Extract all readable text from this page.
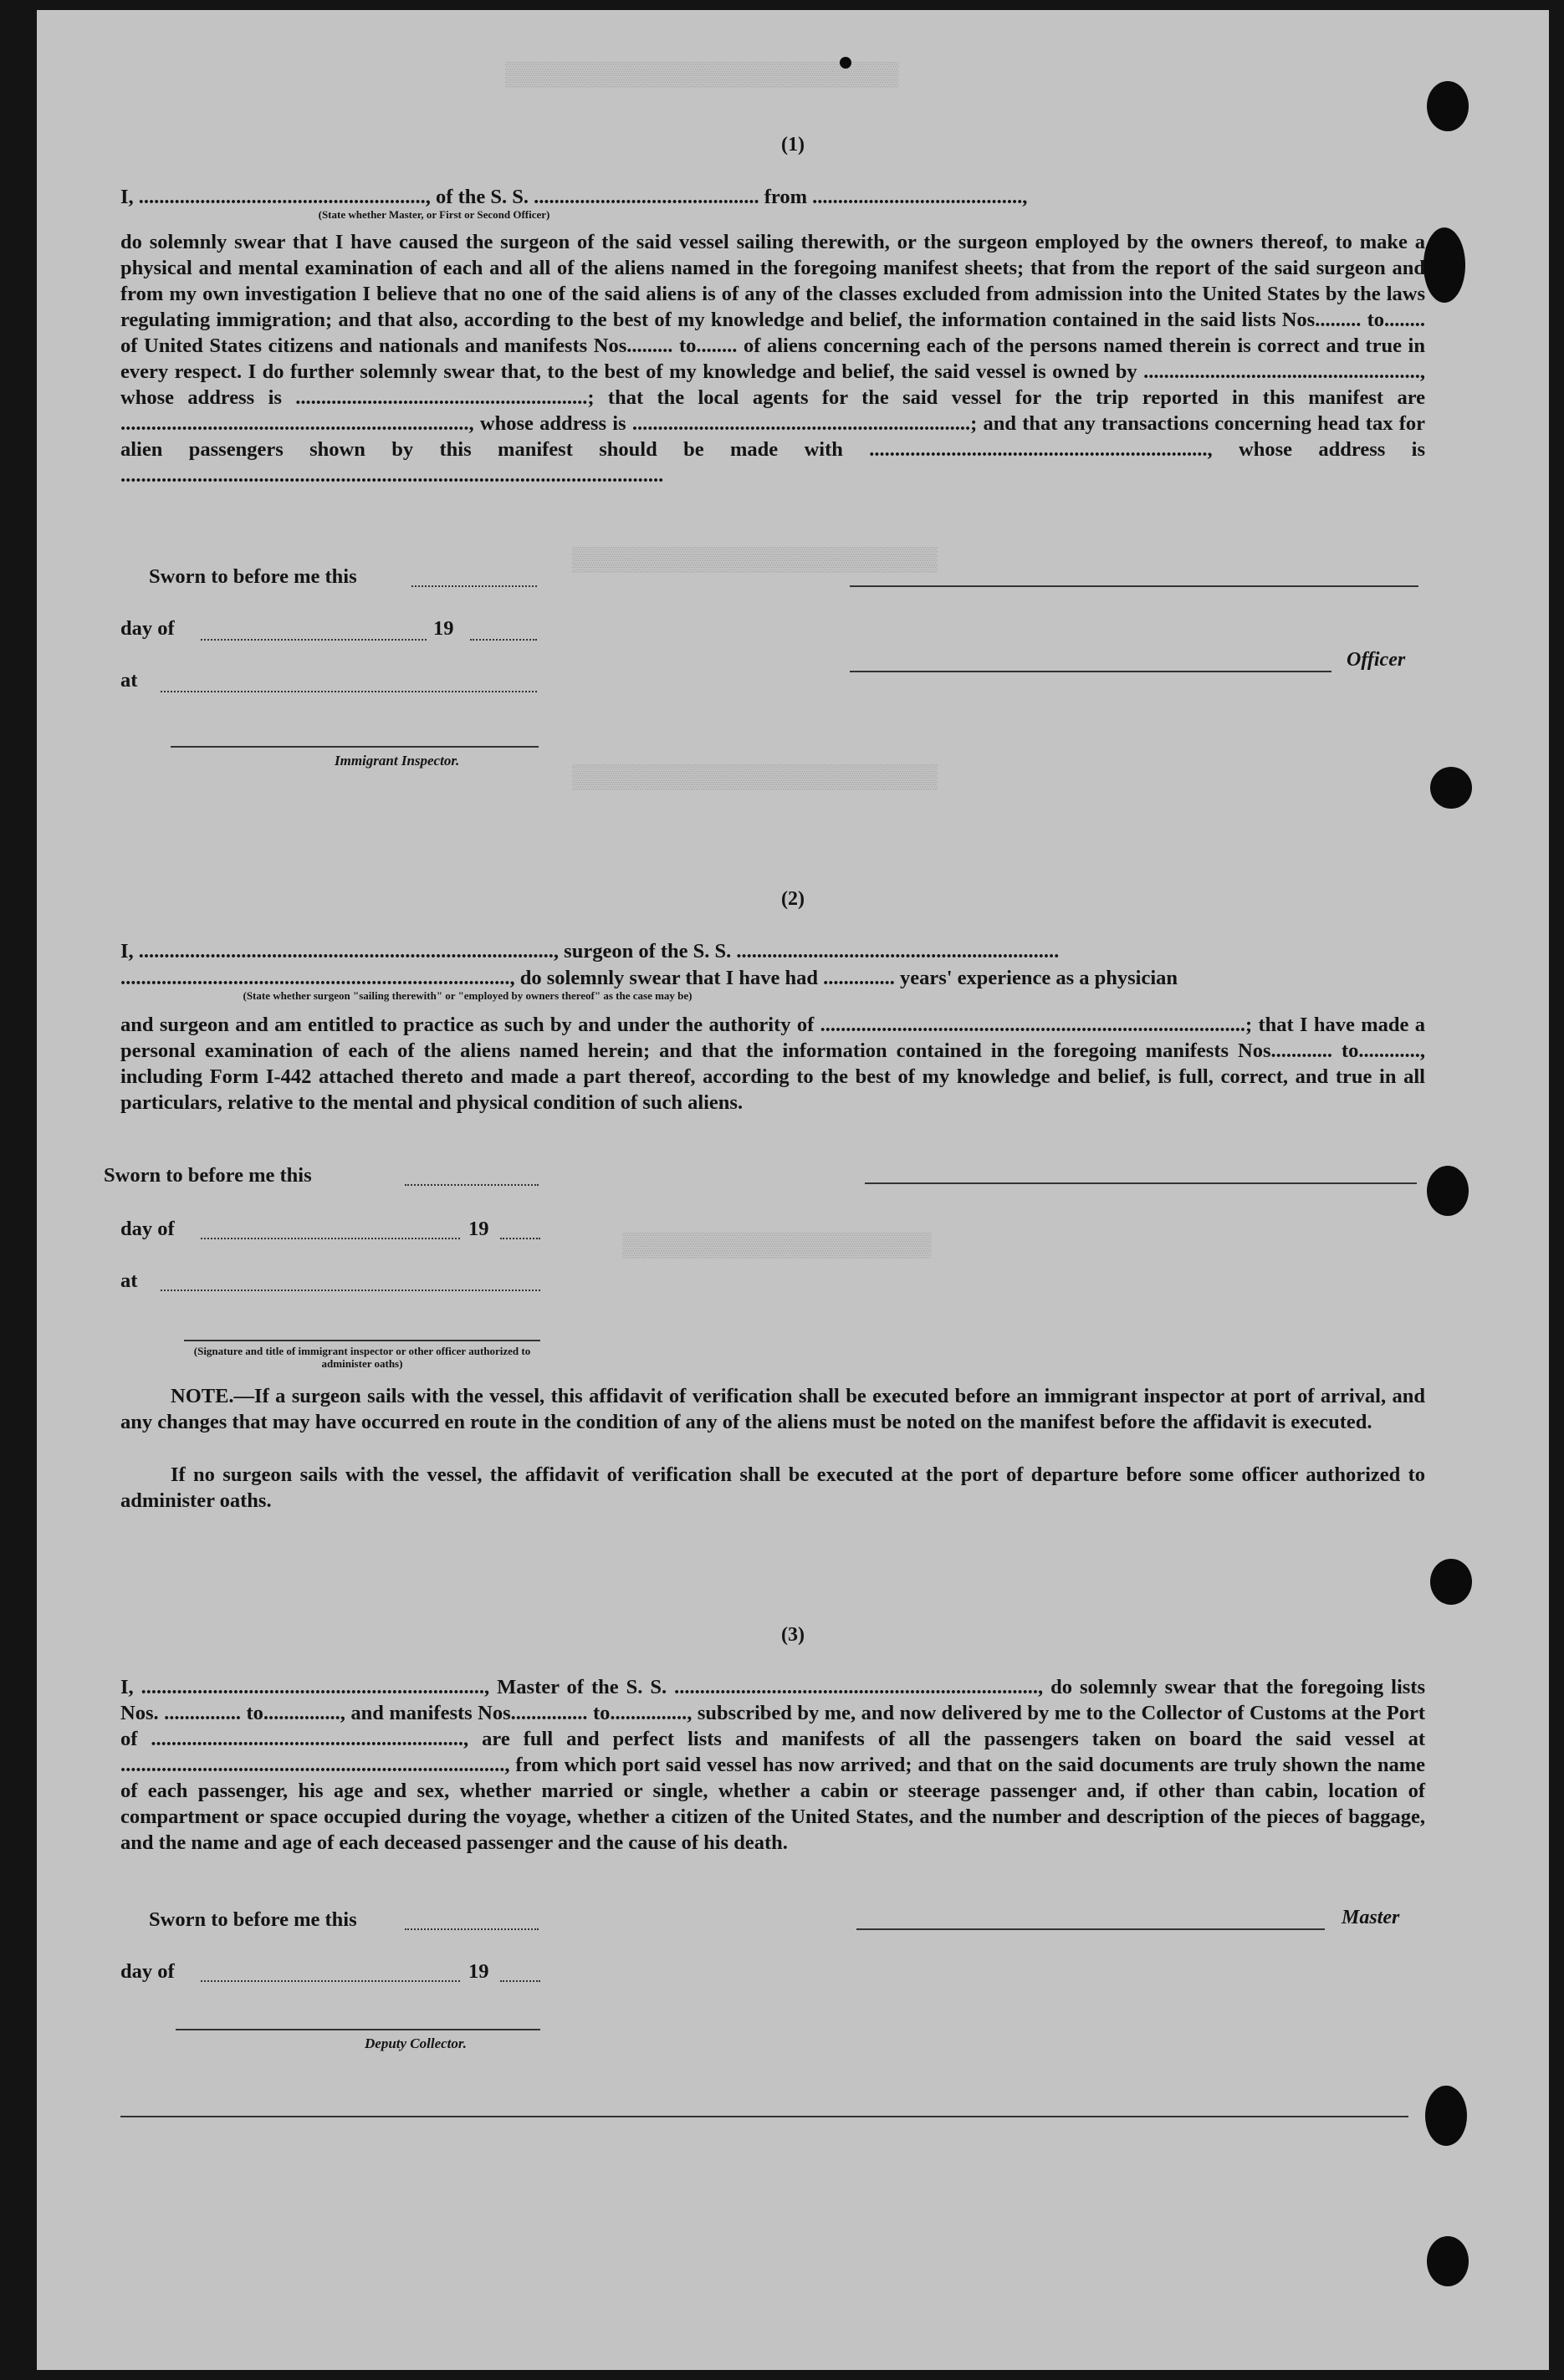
▒▒▒▒▒▒▒▒▒▒▒▒▒▒▒▒▒▒▒▒▒▒▒▒▒▒▒▒
▒▒▒▒▒▒▒▒▒▒▒▒▒▒▒▒▒▒▒▒▒▒▒▒▒▒
▒▒▒▒▒▒▒▒▒▒▒▒▒▒▒▒▒▒▒▒▒▒▒▒▒▒
▒▒▒▒▒▒▒▒▒▒▒▒▒▒▒▒▒▒▒▒▒▒
(1)
I, ........................................................, of the S. S. ............................................ from .........................................,
(State whether Master, or First or Second Officer)
do solemnly swear that I have caused the surgeon of the said vessel sailing therewith, or the surgeon employed by the owners thereof, to make a physical and mental examination of each and all of the aliens named in the foregoing manifest sheets; that from the report of the said surgeon and from my own investigation I believe that no one of the said aliens is of any of the classes excluded from admission into the United States by the laws regulating immigration; and that also, according to the best of my knowledge and belief, the information contained in the said lists Nos......... to........ of United States citizens and nationals and manifests Nos......... to........ of aliens concerning each of the persons named therein is correct and true in every respect. I do further solemnly swear that, to the best of my knowledge and belief, the said vessel is owned by ......................................................, whose address is .........................................................; that the local agents for the said vessel for the trip reported in this manifest are ...................................................................., whose address is ..................................................................; and that any transactions concerning head tax for alien passengers shown by this manifest should be made with .................................................................., whose address is ..........................................................................................................
Sworn to before me this
day of	19
Officer
at
Immigrant Inspector.
(2)
I, ................................................................................., surgeon of the S. S. ...............................................................
............................................................................, do solemnly swear that I have had .............. years' experience as a physician
(State whether surgeon "sailing therewith" or "employed by owners thereof" as the case may be)
and surgeon and am entitled to practice as such by and under the authority of ...................................................................................; that I have made a personal examination of each of the aliens named herein; and that the information contained in the foregoing manifests Nos............ to............, including Form I-442 attached thereto and made a part thereof, according to the best of my knowledge and belief, is full, correct, and true in all particulars, relative to the mental and physical condition of such aliens.
Sworn to before me this
day of	19
at
(Signature and title of immigrant inspector or other officer authorized to administer oaths)
NOTE.—If a surgeon sails with the vessel, this affidavit of verification shall be executed before an immigrant inspector at port of arrival, and any changes that may have occurred en route in the condition of any of the aliens must be noted on the manifest before the affidavit is executed.
If no surgeon sails with the vessel, the affidavit of verification shall be executed at the port of departure before some officer authorized to administer oaths.
(3)
I, ..................................................................., Master of the S. S. ......................................................................., do solemnly swear that the foregoing lists Nos. ............... to..............., and manifests Nos............... to..............., subscribed by me, and now delivered by me to the Collector of Customs at the Port of ............................................................., are full and perfect lists and manifests of all the passengers taken on board the said vessel at ..........................................................................., from which port said vessel has now arrived; and that on the said documents are truly shown the name of each passenger, his age and sex, whether married or single, whether a cabin or steerage passenger and, if other than cabin, location of compartment or space occupied during the voyage, whether a citizen of the United States, and the number and description of the pieces of baggage, and the name and age of each deceased passenger and the cause of his death.
Sworn to before me this	Master
day of	19
Deputy Collector.
